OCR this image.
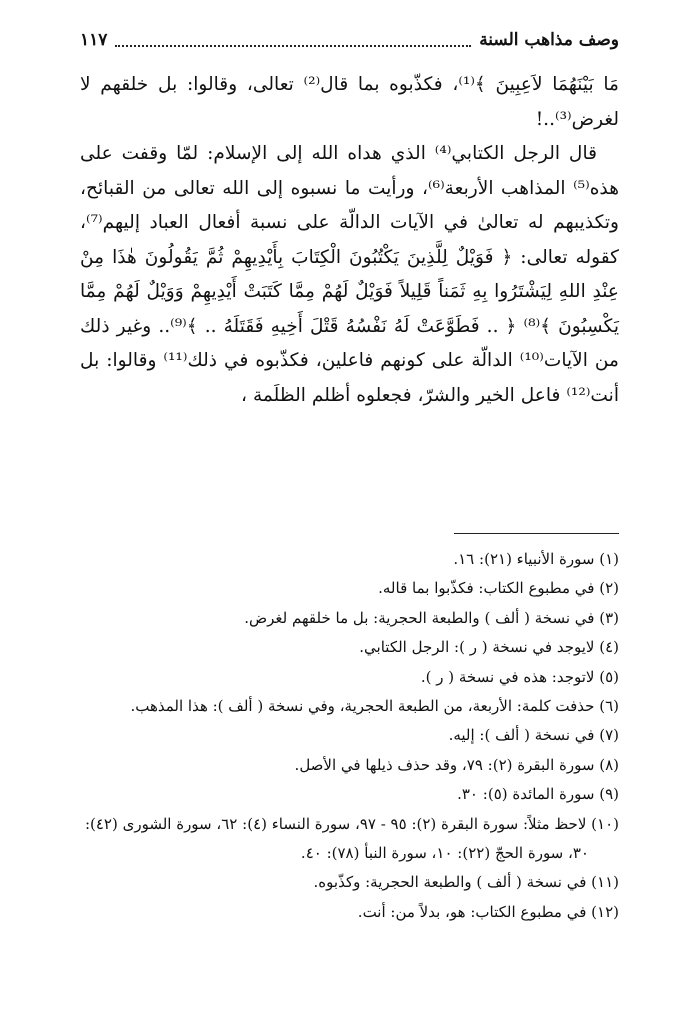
وصف مذاهب السنة
١١٧

مَا بَيْنَهُمَا لاَعِبِينَ ﴾⁽¹⁾، فكذّبوه بما قال⁽²⁾ تعالى، وقالوا: بل خلقهم لا لغرض⁽³⁾..!

قال الرجل الكتابي⁽⁴⁾ الذي هداه الله إلى الإسلام: لمّا وقفت على هذه⁽⁵⁾ المذاهب الأربعة⁽⁶⁾، ورأيت ما نسبوه إلى الله تعالى من القبائح، وتكذيبهم له تعالىٰ في الآيات الدالّة على نسبة أفعال العباد إليهم⁽⁷⁾، كقوله تعالى: ﴿ فَوَيْلٌ لِلَّذِينَ يَكْتُبُونَ الْكِتَابَ بِأَيْدِيهِمْ ثُمَّ يَقُولُونَ هٰذَا مِنْ عِنْدِ اللهِ لِيَشْتَرُوا بِهِ ثَمَناً قَلِيلاً فَوَيْلٌ لَهُمْ مِمَّا كَتَبَتْ أَيْدِيهِمْ وَوَيْلٌ لَهُمْ مِمَّا يَكْسِبُونَ ﴾⁽⁸⁾ ﴿ .. فَطَوَّعَتْ لَهُ نَفْسُهُ قَتْلَ أَخِيهِ فَقَتَلَهُ .. ﴾⁽⁹⁾.. وغير ذلك من الآيات⁽¹⁰⁾ الدالّة على كونهم فاعلين، فكذّبوه في ذلك⁽¹¹⁾ وقالوا: بل أنت⁽¹²⁾ فاعل الخير والشرّ، فجعلوه أظلم الظلَمة ،

(١) سورة الأنبياء (٢١): ١٦.

(٢) في مطبوع الكتاب: فكذّبوا بما قاله.

(٣) في نسخة ( ألف ) والطبعة الحجرية: بل ما خلقهم لغرض.

(٤) لايوجد في نسخة ( ر ): الرجل الكتابي.

(٥) لاتوجد: هذه في نسخة ( ر ).

(٦) حذفت كلمة: الأربعة، من الطبعة الحجرية، وفي نسخة ( ألف ): هذا المذهب.

(٧) في نسخة ( ألف ): إليه.

(٨) سورة البقرة (٢): ٧٩، وقد حذف ذيلها في الأصل.

(٩) سورة المائدة (٥): ٣٠.

(١٠) لاحظ مثلاً: سورة البقرة (٢): ٩٥ - ٩٧، سورة النساء (٤): ٦٢، سورة الشورى (٤٢): ٣٠، سورة الحجّ (٢٢): ١٠، سورة النبأ (٧٨): ٤٠.

(١١) في نسخة ( ألف ) والطبعة الحجرية: وكذّبوه.

(١٢) في مطبوع الكتاب: هو، بدلاً من: أنت.
